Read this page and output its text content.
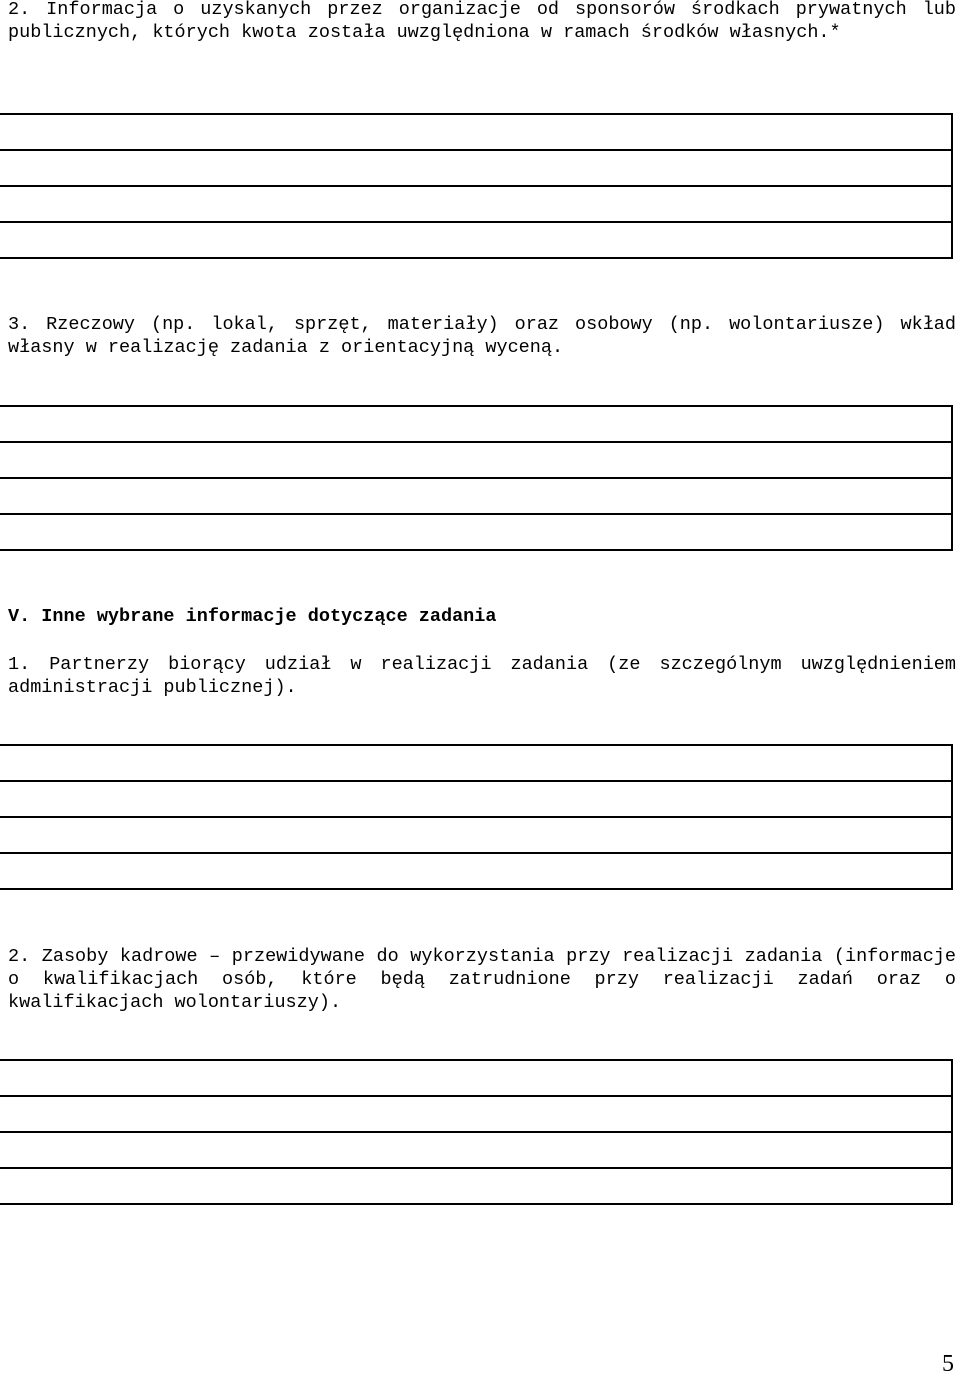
2. Informacja o uzyskanych przez organizacje od sponsorów środkach prywatnych lub publicznych, których kwota została uwzględniona w ramach środków własnych.*

3. Rzeczowy (np. lokal, sprzęt, materiały) oraz osobowy (np. wolontariusze) wkład własny w realizację zadania z orientacyjną wyceną.

V. Inne wybrane informacje dotyczące zadania

1. Partnerzy biorący udział w realizacji zadania (ze szczególnym uwzględnieniem administracji publicznej).

2. Zasoby kadrowe – przewidywane do wykorzystania przy realizacji zadania (informacje o kwalifikacjach osób, które będą zatrudnione przy realizacji zadań oraz o kwalifikacjach wolontariuszy).

5
